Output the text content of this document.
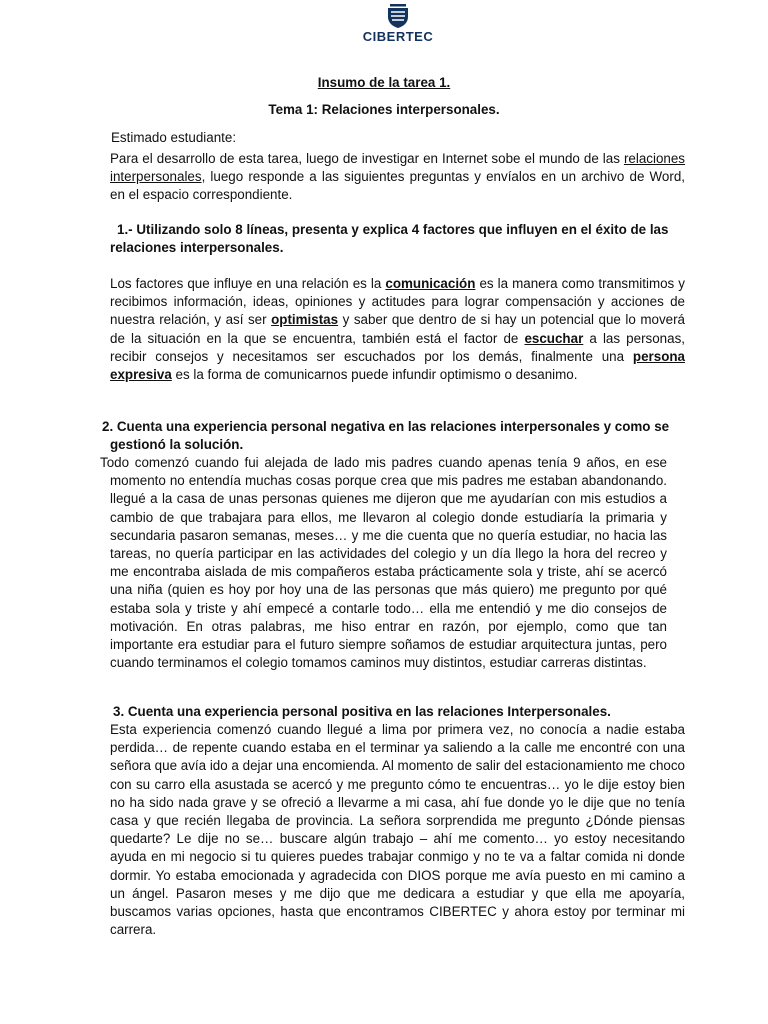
CIBERTEC
Insumo de la tarea 1.
Tema 1: Relaciones interpersonales.
Estimado estudiante:
Para el desarrollo de esta tarea, luego de investigar en Internet sobe el mundo de las relaciones interpersonales, luego responde a las siguientes preguntas y envíalos en un archivo de Word, en el espacio correspondiente.
1.- Utilizando solo 8 líneas, presenta y explica 4 factores que influyen en el éxito de las relaciones interpersonales.
Los factores que influye en una relación es la comunicación es la manera como transmitimos y recibimos información, ideas, opiniones y actitudes para lograr compensación y acciones de nuestra relación, y así ser optimistas y saber que dentro de si hay un potencial que lo moverá de la situación en la que se encuentra, también está el factor de escuchar a las personas, recibir consejos y necesitamos ser escuchados por los demás, finalmente una persona expresiva es la forma de comunicarnos puede infundir optimismo o desanimo.
2. Cuenta una experiencia personal negativa en las relaciones interpersonales y como se gestionó la solución.
Todo comenzó cuando fui alejada de lado mis padres cuando apenas tenía 9 años, en ese momento no entendía muchas cosas porque crea que mis padres me estaban abandonando. llegué a la casa de unas personas quienes me dijeron que me ayudarían con mis estudios a cambio de que trabajara para ellos, me llevaron al colegio donde estudiaría la primaria y secundaria pasaron semanas, meses… y me die cuenta que no quería estudiar, no hacia las tareas, no quería participar en las actividades del colegio y un día llego la hora del recreo y me encontraba aislada de mis compañeros estaba prácticamente sola y triste, ahí se acercó una niña (quien es hoy por hoy una de las personas que más quiero) me pregunto por qué estaba sola y triste y ahí empecé a contarle todo… ella me entendió y me dio consejos de motivación. En otras palabras, me hiso entrar en razón, por ejemplo, como que tan importante era estudiar para el futuro siempre soñamos de estudiar arquitectura juntas, pero cuando terminamos el colegio tomamos caminos muy distintos, estudiar carreras distintas.
3. Cuenta una experiencia personal positiva en las relaciones Interpersonales.
Esta experiencia comenzó cuando llegué a lima por primera vez, no conocía a nadie estaba perdida… de repente cuando estaba en el terminar ya saliendo a la calle me encontré con una señora que avía ido a dejar una encomienda. Al momento de salir del estacionamiento me choco con su carro ella asustada se acercó y me pregunto cómo te encuentras… yo le dije estoy bien no ha sido nada grave y se ofreció a llevarme a mi casa, ahí fue donde yo le dije que no tenía casa y que recién llegaba de provincia. La señora sorprendida me pregunto ¿Dónde piensas quedarte? Le dije no se… buscare algún trabajo – ahí me comento… yo estoy necesitando ayuda en mi negocio si tu quieres puedes trabajar conmigo y no te va a faltar comida ni donde dormir. Yo estaba emocionada y agradecida con DIOS porque me avía puesto en mi camino a un ángel. Pasaron meses y me dijo que me dedicara a estudiar y que ella me apoyaría, buscamos varias opciones, hasta que encontramos CIBERTEC y ahora estoy por terminar mi carrera.
